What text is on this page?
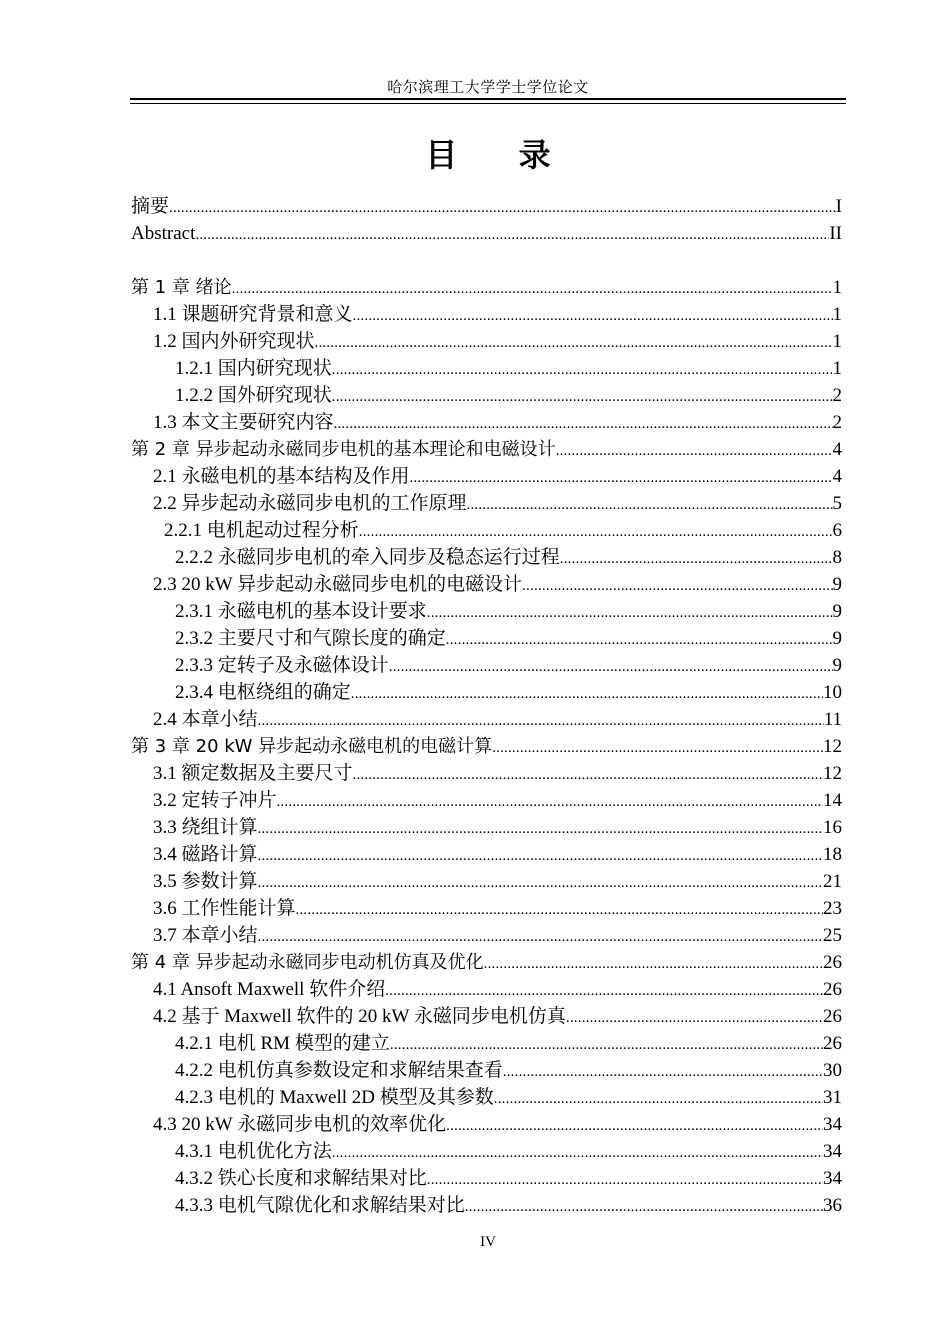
哈尔滨理工大学学士学位论文
目 录
摘要 .....	I
Abstract .....	II
第 1 章 绪论 .....	1
1.1 课题研究背景和意义 .....	1
1.2 国内外研究现状 .....	1
1.2.1 国内研究现状 .....	1
1.2.2 国外研究现状 .....	2
1.3 本文主要研究内容 .....	2
第 2 章 异步起动永磁同步电机的基本理论和电磁设计 .....	4
2.1 永磁电机的基本结构及作用 .....	4
2.2 异步起动永磁同步电机的工作原理 .....	5
2.2.1 电机起动过程分析 .....	6
2.2.2 永磁同步电机的牵入同步及稳态运行过程 .....	8
2.3 20 kW 异步起动永磁同步电机的电磁设计 .....	9
2.3.1 永磁电机的基本设计要求 .....	9
2.3.2 主要尺寸和气隙长度的确定 .....	9
2.3.3 定转子及永磁体设计 .....	9
2.3.4 电枢绕组的确定 .....	10
2.4 本章小结 .....	11
第 3 章 20 kW 异步起动永磁电机的电磁计算 .....	12
3.1 额定数据及主要尺寸 .....	12
3.2 定转子冲片 .....	14
3.3 绕组计算 .....	16
3.4 磁路计算 .....	18
3.5 参数计算 .....	21
3.6 工作性能计算 .....	23
3.7 本章小结 .....	25
第 4 章 异步起动永磁同步电动机仿真及优化 .....	26
4.1 Ansoft Maxwell 软件介绍 .....	26
4.2 基于 Maxwell 软件的 20 kW 永磁同步电机仿真 .....	26
4.2.1 电机 RM 模型的建立 .....	26
4.2.2 电机仿真参数设定和求解结果查看 .....	30
4.2.3 电机的 Maxwell 2D 模型及其参数 .....	31
4.3 20 kW 永磁同步电机的效率优化 .....	34
4.3.1 电机优化方法 .....	34
4.3.2 铁心长度和求解结果对比 .....	34
4.3.3 电机气隙优化和求解结果对比 .....	36
IV
